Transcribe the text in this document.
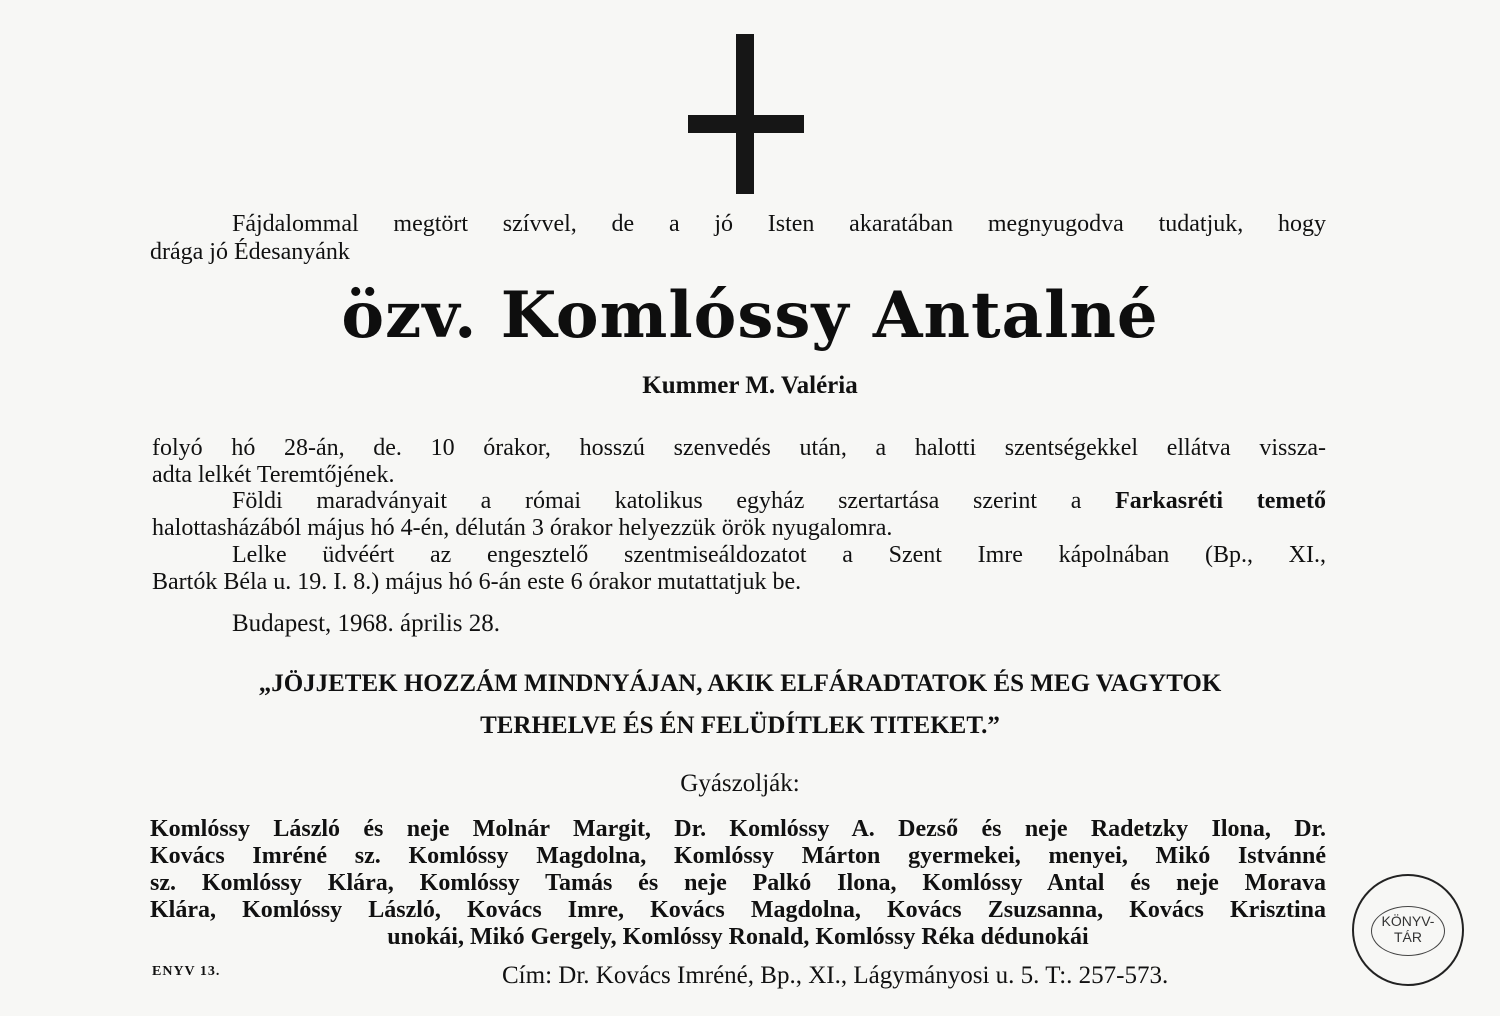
Fájdalommal megtört szívvel, de a jó Isten akaratában megnyugodva tudatjuk, hogy

drága jó Édesanyánk

özv. Komlóssy Antalné
Kummer M. Valéria

folyó hó 28-án, de. 10 órakor, hosszú szenvedés után, a halotti szentségekkel ellátva vissza-

adta lelkét Teremtőjének.

Földi maradványait a római katolikus egyház szertartása szerint a Farkasréti temető

halottasházából május hó 4-én, délután 3 órakor helyezzük örök nyugalomra.

Lelke üdvéért az engesztelő szentmiseáldozatot a Szent Imre kápolnában (Bp., XI.,

Bartók Béla u. 19. I. 8.) május hó 6-án este 6 órakor mutattatjuk be.

Budapest, 1968. április 28.

„JÖJJETEK HOZZÁM MINDNYÁJAN, AKIK ELFÁRADTATOK ÉS MEG VAGYTOK
TERHELVE ÉS ÉN FELÜDÍTLEK TITEKET.”
Gyászolják:
Komlóssy László és neje Molnár Margit, Dr. Komlóssy A. Dezső és neje Radetzky Ilona, Dr.
Kovács Imréné sz. Komlóssy Magdolna, Komlóssy Márton gyermekei, menyei, Mikó Istvánné
sz. Komlóssy Klára, Komlóssy Tamás és neje Palkó Ilona, Komlóssy Antal és neje Morava
Klára, Komlóssy László, Kovács Imre, Kovács Magdolna, Kovács Zsuzsanna, Kovács Krisztina
unokái, Mikó Gergely, Komlóssy Ronald, Komlóssy Réka dédunokái
ENYV 13.	Cím: Dr. Kovács Imréné, Bp., XI., Lágymányosi u. 5. T:. 257-573.
KÖNYV-
TÁR
